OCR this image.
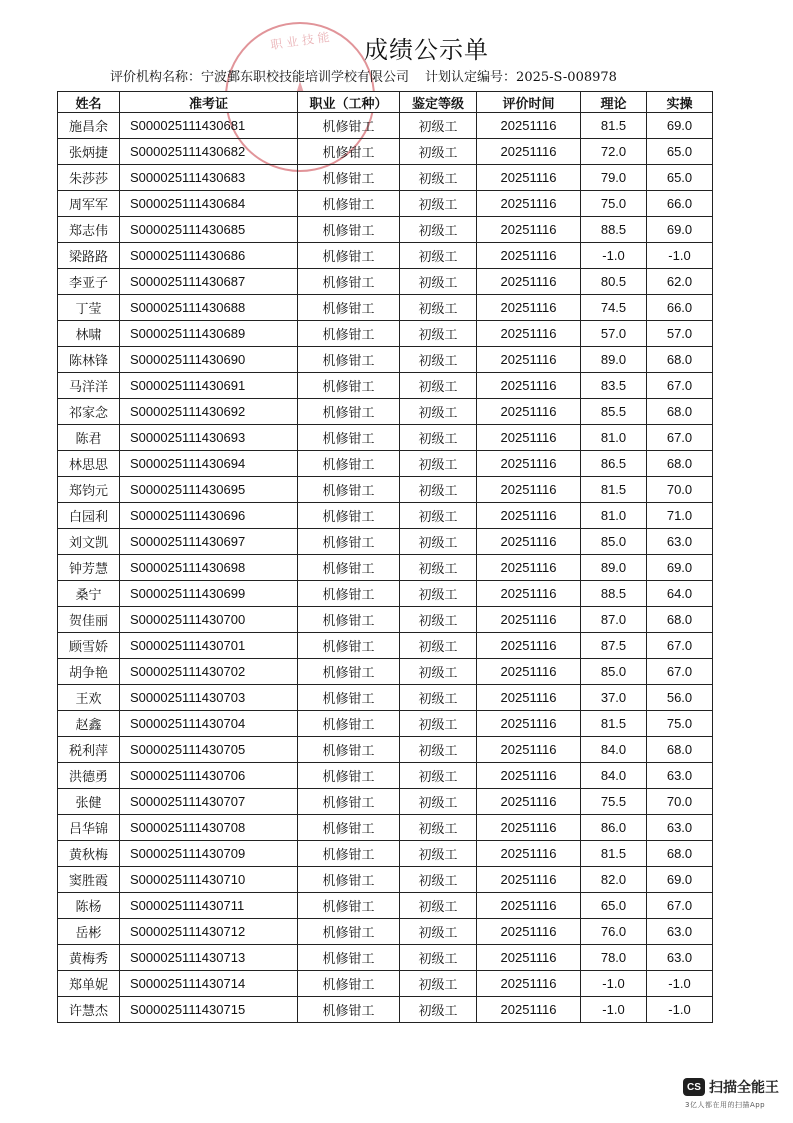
职 业 技 能	成绩公示单
评价机构名称：宁波鄞东职校技能培训学校有限公司 计划认定编号：2025-S-008978
姓名	准考证	职业（工种）	鉴定等级	评价时间	理论	实操
施昌余	S000025111430681	机修钳工	初级工	20251116	81.5	69.0
张炳捷	S000025111430682	机修钳工	初级工	20251116	72.0	65.0
朱莎莎	S000025111430683	机修钳工	初级工	20251116	79.0	65.0
周军军	S000025111430684	机修钳工	初级工	20251116	75.0	66.0
郑志伟	S000025111430685	机修钳工	初级工	20251116	88.5	69.0
梁路路	S000025111430686	机修钳工	初级工	20251116	-1.0	-1.0
李亚子	S000025111430687	机修钳工	初级工	20251116	80.5	62.0
丁莹	S000025111430688	机修钳工	初级工	20251116	74.5	66.0
林啸	S000025111430689	机修钳工	初级工	20251116	57.0	57.0
陈林锋	S000025111430690	机修钳工	初级工	20251116	89.0	68.0
马洋洋	S000025111430691	机修钳工	初级工	20251116	83.5	67.0
祁家念	S000025111430692	机修钳工	初级工	20251116	85.5	68.0
陈君	S000025111430693	机修钳工	初级工	20251116	81.0	67.0
林思思	S000025111430694	机修钳工	初级工	20251116	86.5	68.0
郑钧元	S000025111430695	机修钳工	初级工	20251116	81.5	70.0
白园利	S000025111430696	机修钳工	初级工	20251116	81.0	71.0
刘文凯	S000025111430697	机修钳工	初级工	20251116	85.0	63.0
钟芳慧	S000025111430698	机修钳工	初级工	20251116	89.0	69.0
桑宁	S000025111430699	机修钳工	初级工	20251116	88.5	64.0
贺佳丽	S000025111430700	机修钳工	初级工	20251116	87.0	68.0
顾雪娇	S000025111430701	机修钳工	初级工	20251116	87.5	67.0
胡争艳	S000025111430702	机修钳工	初级工	20251116	85.0	67.0
王欢	S000025111430703	机修钳工	初级工	20251116	37.0	56.0
赵鑫	S000025111430704	机修钳工	初级工	20251116	81.5	75.0
税利萍	S000025111430705	机修钳工	初级工	20251116	84.0	68.0
洪德勇	S000025111430706	机修钳工	初级工	20251116	84.0	63.0
张健	S000025111430707	机修钳工	初级工	20251116	75.5	70.0
吕华锦	S000025111430708	机修钳工	初级工	20251116	86.0	63.0
黄秋梅	S000025111430709	机修钳工	初级工	20251116	81.5	68.0
窦胜霞	S000025111430710	机修钳工	初级工	20251116	82.0	69.0
陈杨	S000025111430711	机修钳工	初级工	20251116	65.0	67.0
岳彬	S000025111430712	机修钳工	初级工	20251116	76.0	63.0
黄梅秀	S000025111430713	机修钳工	初级工	20251116	78.0	63.0
郑单妮	S000025111430714	机修钳工	初级工	20251116	-1.0	-1.0
许慧杰	S000025111430715	机修钳工	初级工	20251116	-1.0	-1.0
CS 扫描全能王
3亿人都在用的扫描App
